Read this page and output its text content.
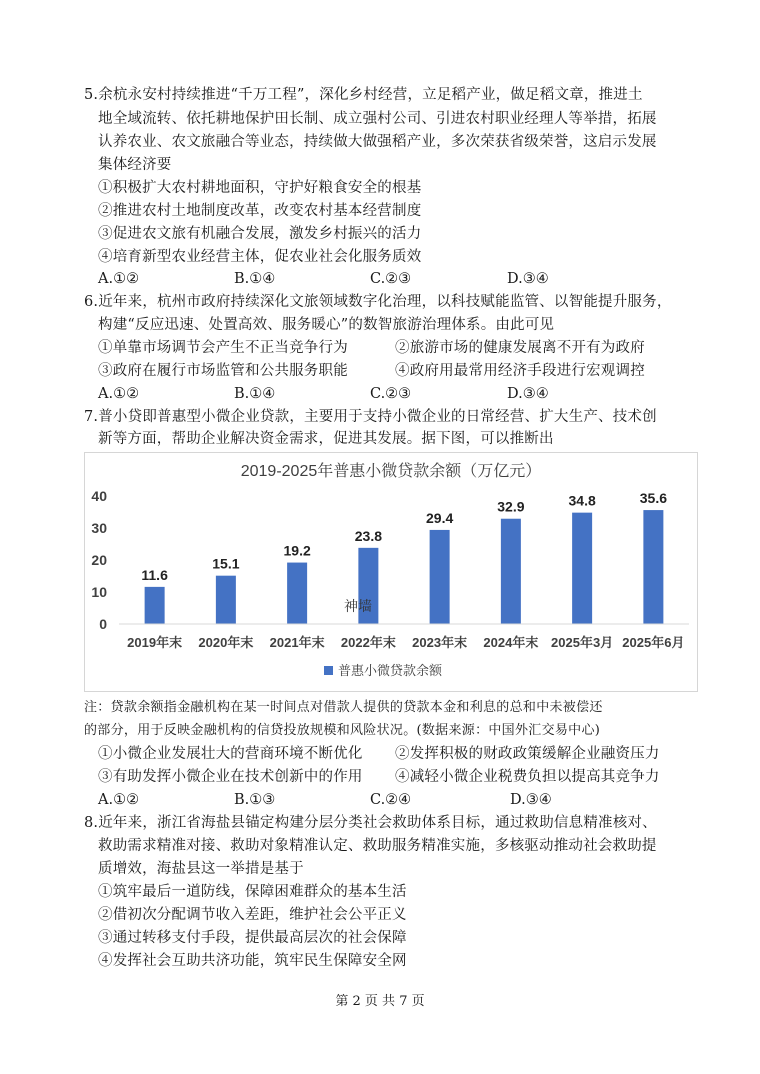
5.余杭永安村持续推进“千万工程”，深化乡村经营，立足稻产业，做足稻文章，推进土
地全域流转、依托耕地保护田长制、成立强村公司、引进农村职业经理人等举措，拓展
认养农业、农文旅融合等业态，持续做大做强稻产业，多次荣获省级荣誉，这启示发展
集体经济要
①积极扩大农村耕地面积，守护好粮食安全的根基
②推进农村土地制度改革，改变农村基本经营制度
③促进农文旅有机融合发展，激发乡村振兴的活力
④培育新型农业经营主体，促农业社会化服务质效
A.①②	B.①④	C.②③	D.③④
6.近年来，杭州市政府持续深化文旅领域数字化治理，以科技赋能监管、以智能提升服务，
构建“反应迅速、处置高效、服务暖心”的数智旅游治理体系。由此可见
①单靠市场调节会产生不正当竞争行为	②旅游市场的健康发展离不开有为政府
③政府在履行市场监管和公共服务职能	④政府用最常用经济手段进行宏观调控
A.①②	B.①④	C.②③	D.③④
7.普小贷即普惠型小微企业贷款，主要用于支持小微企业的日常经营、扩大生产、技术创
新等方面，帮助企业解决资金需求，促进其发展。据下图，可以推断出
2019-2025年普惠小微贷款余额（万亿元）
0
10
20
30
40
11.6
15.1
19.2
23.8
29.4
32.9	34.8	35.6
2019年末 2020年末 2021年末 2022年末 2023年末 2024年末 2025年3月 2025年6月
普惠小微贷款余额
神墙
注：贷款余额指金融机构在某一时间点对借款人提供的贷款本金和利息的总和中未被偿还
的部分，用于反映金融机构的信贷投放规模和风险状况。(数据来源：中国外汇交易中心)
①小微企业发展壮大的营商环境不断优化 ②发挥积极的财政政策缓解企业融资压力
③有助发挥小微企业在技术创新中的作用 ④减轻小微企业税费负担以提高其竞争力
A.①②	B.①③	C.②④	D.③④
8.近年来，浙江省海盐县锚定构建分层分类社会救助体系目标，通过救助信息精准核对、
救助需求精准对接、救助对象精准认定、救助服务精准实施，多核驱动推动社会救助提
质增效，海盐县这一举措是基于
①筑牢最后一道防线，保障困难群众的基本生活
②借初次分配调节收入差距，维护社会公平正义
③通过转移支付手段，提供最高层次的社会保障
④发挥社会互助共济功能，筑牢民生保障安全网
第 2 页 共 7 页
